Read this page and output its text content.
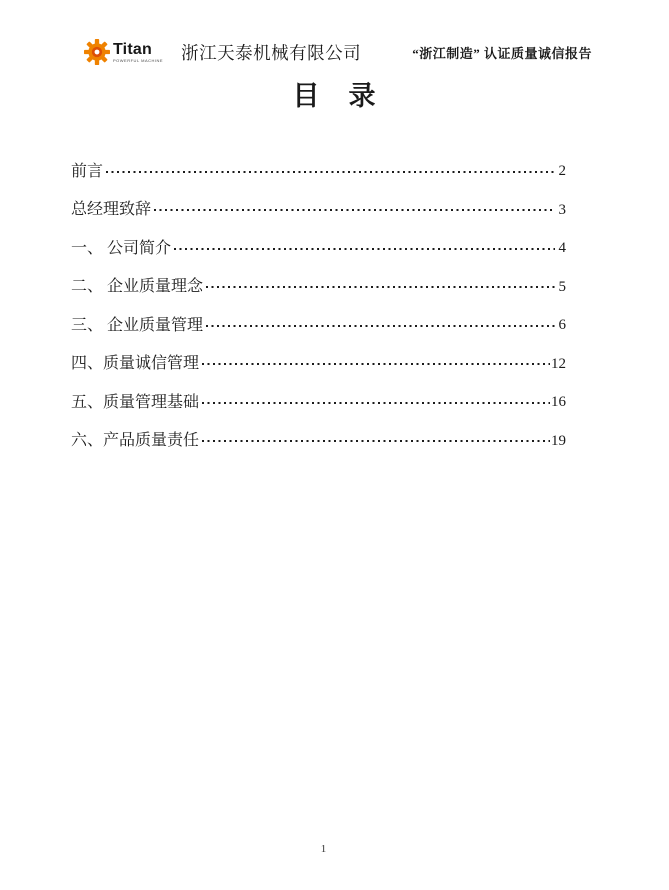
Titan
POWERFUL MACHINE 浙江天泰机械有限公司	“浙江制造” 认证质量诚信报告
目　录
前言	2
总经理致辞	3
一、 公司简介	4
二、 企业质量理念	5
三、 企业质量管理	6
四、质量诚信管理	12
五、质量管理基础	16
六、产品质量责任	19
1
